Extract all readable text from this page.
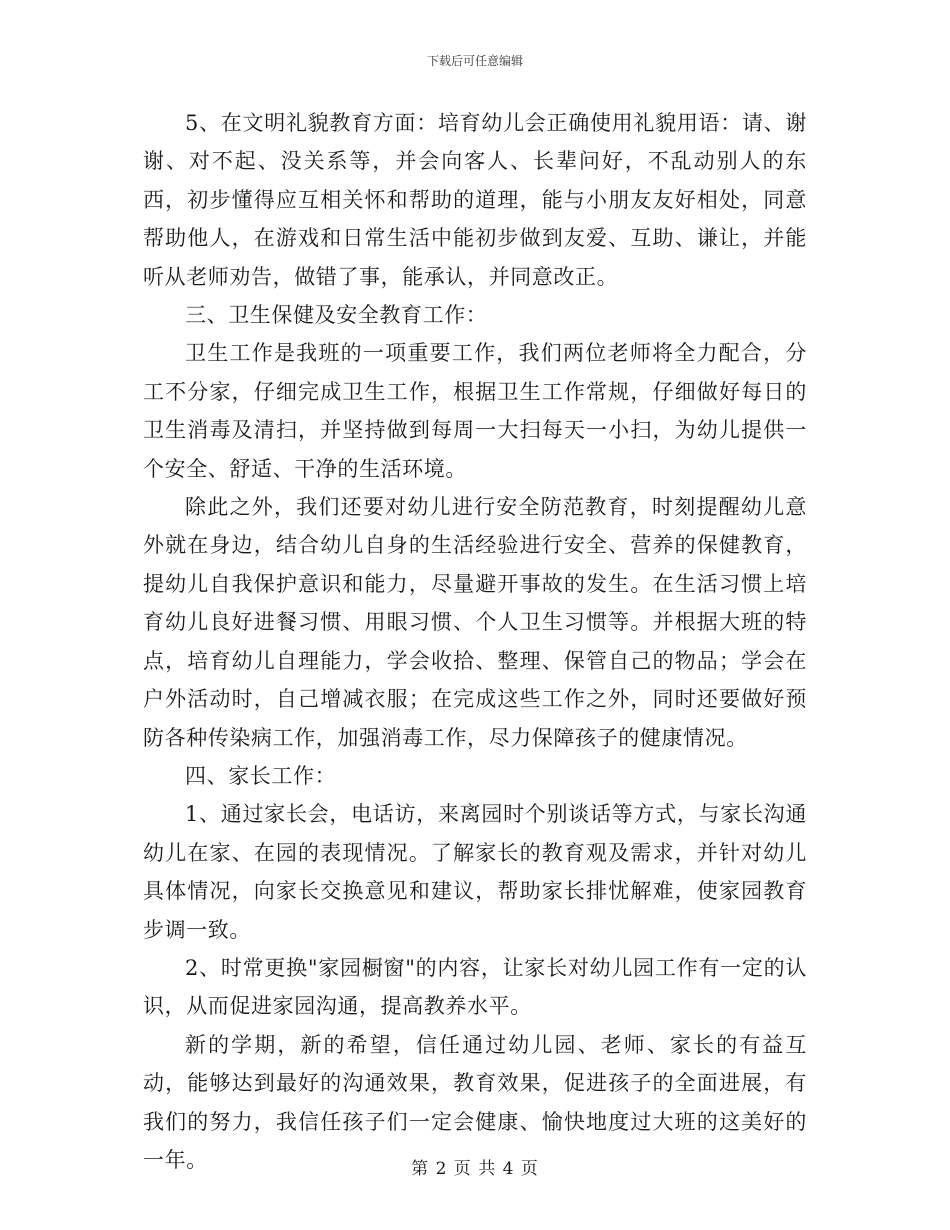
下载后可任意编辑

5、在文明礼貌教育方面：培育幼儿会正确使用礼貌用语：请、谢谢、对不起、没关系等，并会向客人、长辈问好，不乱动别人的东西，初步懂得应互相关怀和帮助的道理，能与小朋友友好相处，同意帮助他人，在游戏和日常生活中能初步做到友爱、互助、谦让，并能听从老师劝告，做错了事，能承认，并同意改正。

三、卫生保健及安全教育工作：

卫生工作是我班的一项重要工作，我们两位老师将全力配合，分工不分家，仔细完成卫生工作，根据卫生工作常规，仔细做好每日的卫生消毒及清扫，并坚持做到每周一大扫每天一小扫，为幼儿提供一个安全、舒适、干净的生活环境。

除此之外，我们还要对幼儿进行安全防范教育，时刻提醒幼儿意外就在身边，结合幼儿自身的生活经验进行安全、营养的保健教育，提幼儿自我保护意识和能力，尽量避开事故的发生。在生活习惯上培育幼儿良好进餐习惯、用眼习惯、个人卫生习惯等。并根据大班的特点，培育幼儿自理能力，学会收拾、整理、保管自己的物品；学会在户外活动时，自己增减衣服；在完成这些工作之外，同时还要做好预防各种传染病工作，加强消毒工作，尽力保障孩子的健康情况。

四、家长工作：

1、通过家长会，电话访，来离园时个别谈话等方式，与家长沟通幼儿在家、在园的表现情况。了解家长的教育观及需求，并针对幼儿具体情况，向家长交换意见和建议，帮助家长排忧解难，使家园教育步调一致。

2、时常更换"家园橱窗"的内容，让家长对幼儿园工作有一定的认识，从而促进家园沟通，提高教养水平。

新的学期，新的希望，信任通过幼儿园、老师、家长的有益互动，能够达到最好的沟通效果，教育效果，促进孩子的全面进展，有我们的努力，我信任孩子们一定会健康、愉快地度过大班的这美好的一年。	第 2 页 共 4 页
